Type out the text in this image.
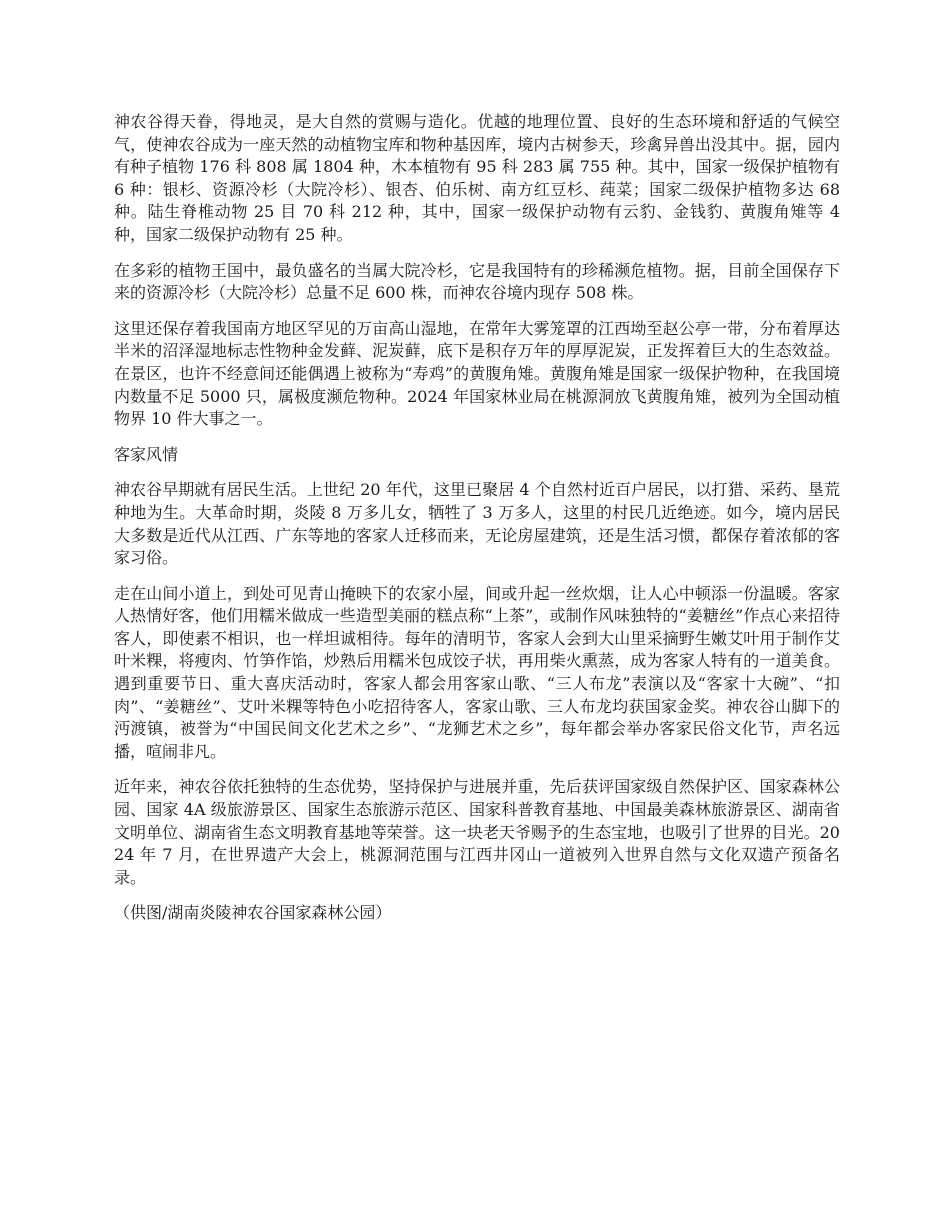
神农谷得天眷，得地灵，是大自然的赏赐与造化。优越的地理位置、良好的生态环境和舒适的气候空气，使神农谷成为一座天然的动植物宝库和物种基因库，境内古树参天，珍禽异兽出没其中。据，园内有种子植物 176 科 808 属 1804 种，木本植物有 95 科 283 属 755 种。其中，国家一级保护植物有 6 种：银杉、资源冷杉（大院冷杉）、银杏、伯乐树、南方红豆杉、莼菜；国家二级保护植物多达 68 种。陆生脊椎动物 25 目 70 科 212 种，其中，国家一级保护动物有云豹、金钱豹、黄腹角雉等 4 种，国家二级保护动物有 25 种。

在多彩的植物王国中，最负盛名的当属大院冷杉，它是我国特有的珍稀濒危植物。据，目前全国保存下来的资源冷杉（大院冷杉）总量不足 600 株，而神农谷境内现存 508 株。

这里还保存着我国南方地区罕见的万亩高山湿地，在常年大雾笼罩的江西坳至赵公亭一带，分布着厚达半米的沼泽湿地标志性物种金发藓、泥炭藓，底下是积存万年的厚厚泥炭，正发挥着巨大的生态效益。在景区，也许不经意间还能偶遇上被称为“寿鸡”的黄腹角雉。黄腹角雉是国家一级保护物种，在我国境内数量不足 5000 只，属极度濒危物种。2024 年国家林业局在桃源洞放飞黄腹角雉，被列为全国动植物界 10 件大事之一。

客家风情

神农谷早期就有居民生活。上世纪 20 年代，这里已聚居 4 个自然村近百户居民，以打猎、采药、垦荒种地为生。大革命时期，炎陵 8 万多儿女，牺牲了 3 万多人，这里的村民几近绝迹。如今，境内居民大多数是近代从江西、广东等地的客家人迁移而来，无论房屋建筑，还是生活习惯，都保存着浓郁的客家习俗。

走在山间小道上，到处可见青山掩映下的农家小屋，间或升起一丝炊烟，让人心中顿添一份温暖。客家人热情好客，他们用糯米做成一些造型美丽的糕点称“上茶”，或制作风味独特的“姜糖丝”作点心来招待客人，即使素不相识，也一样坦诚相待。每年的清明节，客家人会到大山里采摘野生嫩艾叶用于制作艾叶米粿，将瘦肉、竹笋作馅，炒熟后用糯米包成饺子状，再用柴火熏蒸，成为客家人特有的一道美食。遇到重要节日、重大喜庆活动时，客家人都会用客家山歌、“三人布龙”表演以及“客家十大碗”、“扣肉”、“姜糖丝”、艾叶米粿等特色小吃招待客人，客家山歌、三人布龙均获国家金奖。神农谷山脚下的沔渡镇，被誉为“中国民间文化艺术之乡”、“龙狮艺术之乡”，每年都会举办客家民俗文化节，声名远播，喧闹非凡。

近年来，神农谷依托独特的生态优势，坚持保护与进展并重，先后获评国家级自然保护区、国家森林公园、国家 4A 级旅游景区、国家生态旅游示范区、国家科普教育基地、中国最美森林旅游景区、湖南省文明单位、湖南省生态文明教育基地等荣誉。这一块老天爷赐予的生态宝地，也吸引了世界的目光。2024 年 7 月，在世界遗产大会上，桃源洞范围与江西井冈山一道被列入世界自然与文化双遗产预备名录。

（供图/湖南炎陵神农谷国家森林公园）
